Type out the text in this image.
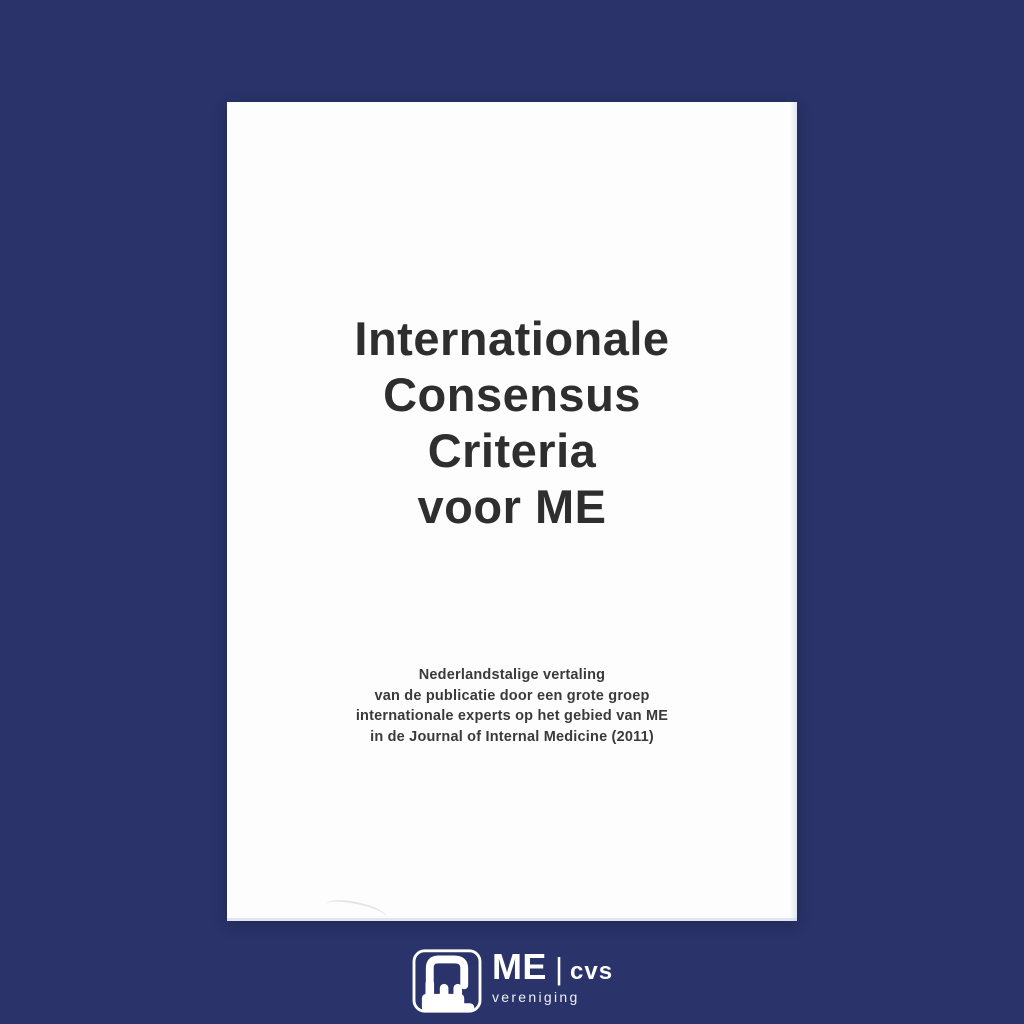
Internationale
Consensus
Criteria
voor ME
Nederlandstalige vertaling
van de publicatie door een grote groep
internationale experts op het gebied van ME
in de Journal of Internal Medicine (2011)
ME | cvs
vereniging
